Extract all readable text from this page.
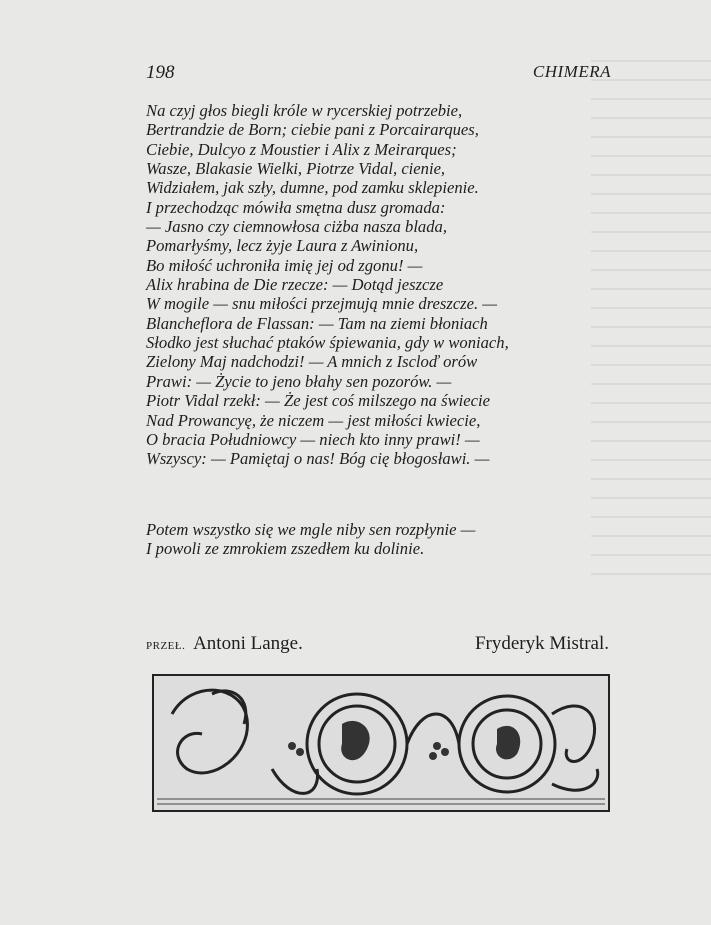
198	CHIMERA
Na czyj głos biegli króle w rycerskiej potrzebie,
Bertrandzie de Born; ciebie pani z Porcairarques,
Ciebie, Dulcyo z Moustier i Alix z Meirarques;
Wasze, Blakasie Wielki, Piotrze Vidal, cienie,
Widziałem, jak szły, dumne, pod zamku sklepienie.
I przechodząc mówiła smętna dusz gromada:
— Jasno czy ciemnowłosa ciżba nasza blada,
Pomarłyśmy, lecz żyje Laura z Awinionu,
Bo miłość uchroniła imię jej od zgonu! —
Alix hrabina de Die rzecze: — Dotąd jeszcze
W mogile — snu miłości przejmują mnie dreszcze. —
Blancheflora de Flassan: — Tam na ziemi błoniach
Słodko jest słuchać ptaków śpiewania, gdy w woniach,
Zielony Maj nadchodzi! — A mnich z Iscloď orów
Prawi: — Życie to jeno błahy sen pozorów. —
Piotr Vidal rzekł: — Że jest coś milszego na świecie
Nad Prowancyę, że niczem — jest miłości kwiecie,
O bracia Południowcy — niech kto inny prawi! —
Wszyscy: — Pamiętaj o nas! Bóg cię błogosławi. —
Potem wszystko się we mgle niby sen rozpłynie —
I powoli ze zmrokiem zszedłem ku dolinie.
PRZEŁ. Antoni Lange.	Fryderyk Mistral.
